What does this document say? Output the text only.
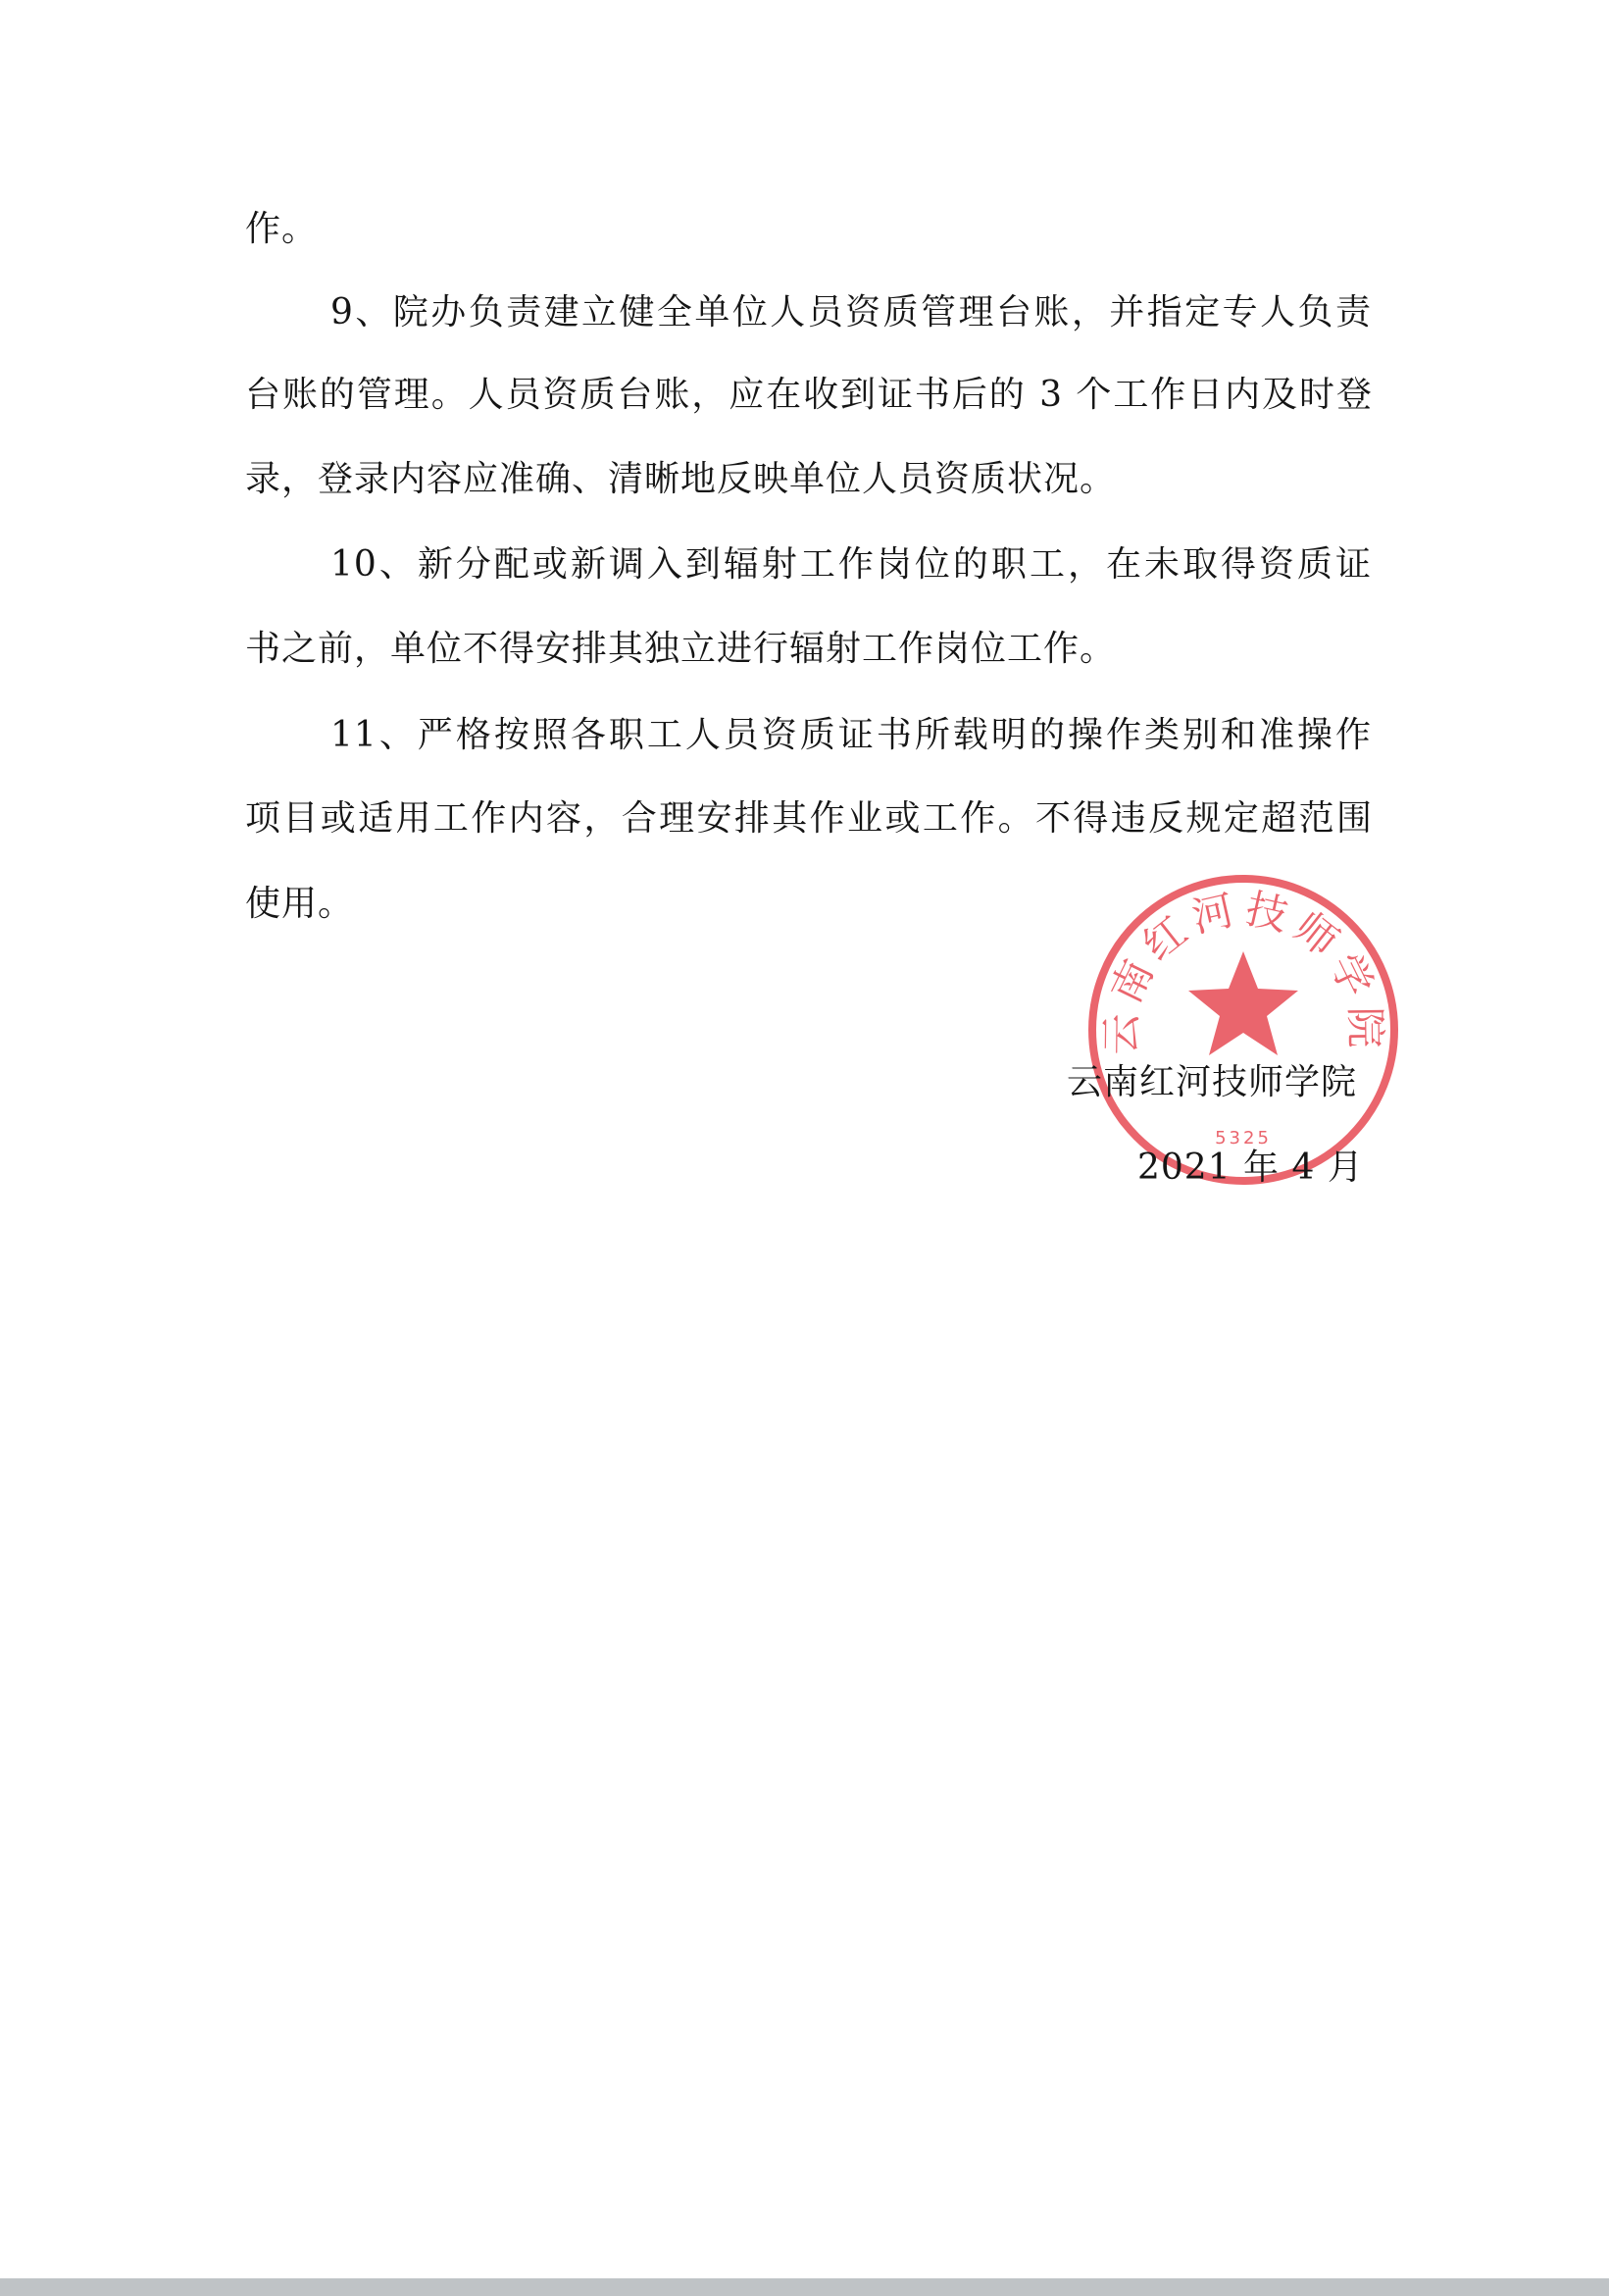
作。
9、院办负责建立健全单位人员资质管理台账，并指定专人负责
台账的管理。人员资质台账，应在收到证书后的 3 个工作日内及时登
录，登录内容应准确、清晰地反映单位人员资质状况。
10、新分配或新调入到辐射工作岗位的职工，在未取得资质证
书之前，单位不得安排其独立进行辐射工作岗位工作。
11、严格按照各职工人员资质证书所载明的操作类别和准操作
项目或适用工作内容，合理安排其作业或工作。不得违反规定超范围
使用。
云南红河技师学院
5325
云南红河技师学院
2021 年 4 月
